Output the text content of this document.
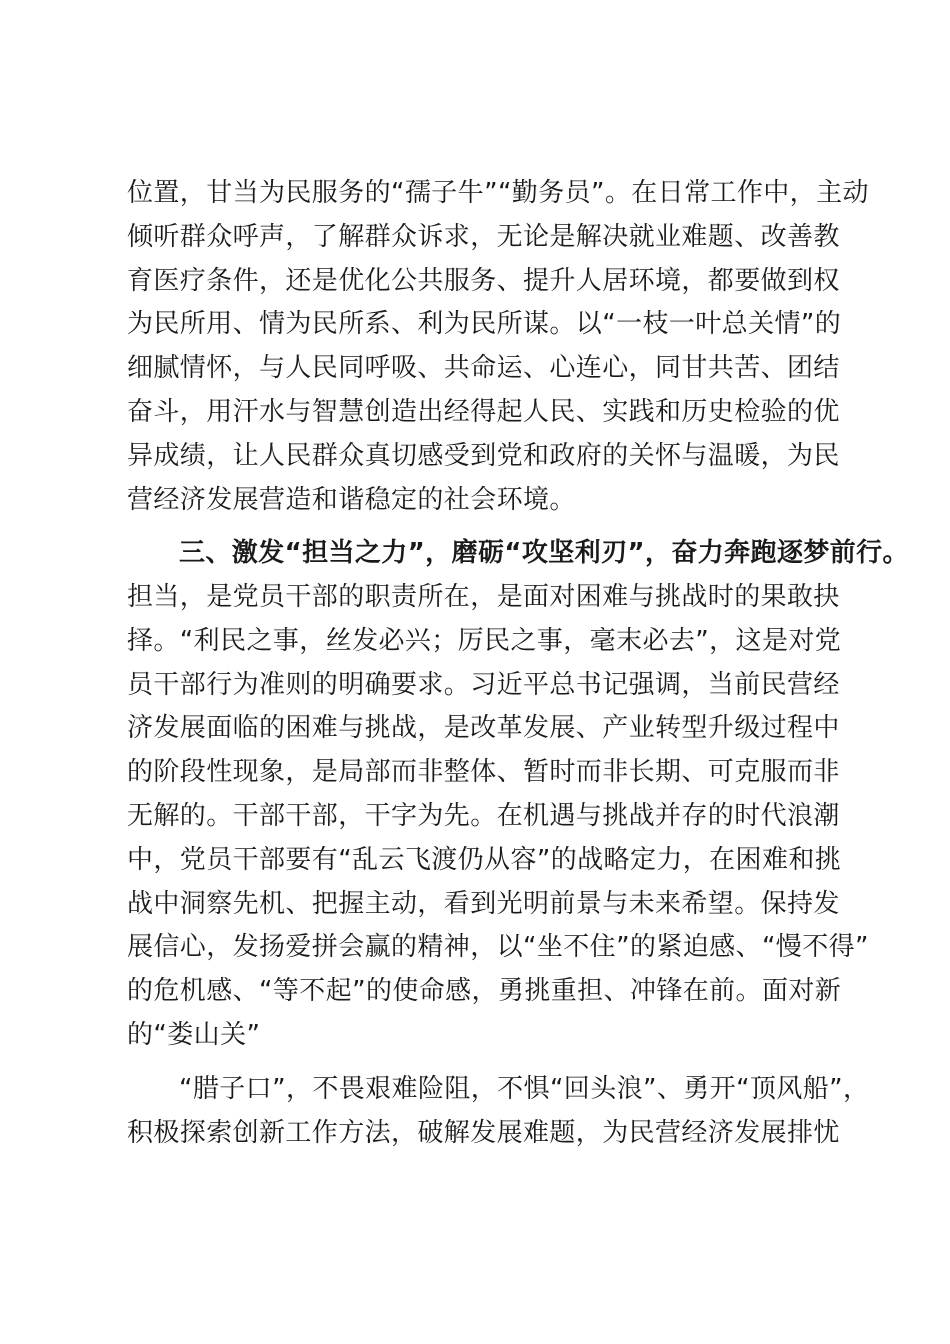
位置，甘当为民服务的“孺子牛”“勤务员”。在日常工作中，主动
倾听群众呼声，了解群众诉求，无论是解决就业难题、改善教
育医疗条件，还是优化公共服务、提升人居环境，都要做到权
为民所用、情为民所系、利为民所谋。以“一枝一叶总关情”的
细腻情怀，与人民同呼吸、共命运、心连心，同甘共苦、团结
奋斗，用汗水与智慧创造出经得起人民、实践和历史检验的优
异成绩，让人民群众真切感受到党和政府的关怀与温暖，为民
营经济发展营造和谐稳定的社会环境。
三、激发“担当之力”，磨砺“攻坚利刃”，奋力奔跑逐梦前行。
担当，是党员干部的职责所在，是面对困难与挑战时的果敢抉
择。“利民之事，丝发必兴；厉民之事，毫末必去”，这是对党
员干部行为准则的明确要求。习近平总书记强调，当前民营经
济发展面临的困难与挑战，是改革发展、产业转型升级过程中
的阶段性现象，是局部而非整体、暂时而非长期、可克服而非
无解的。干部干部，干字为先。在机遇与挑战并存的时代浪潮
中，党员干部要有“乱云飞渡仍从容”的战略定力，在困难和挑
战中洞察先机、把握主动，看到光明前景与未来希望。保持发
展信心，发扬爱拼会赢的精神，以“坐不住”的紧迫感、“慢不得”
的危机感、“等不起”的使命感，勇挑重担、冲锋在前。面对新
的“娄山关”
“腊子口”，不畏艰难险阻，不惧“回头浪”、勇开“顶风船”，
积极探索创新工作方法，破解发展难题，为民营经济发展排忧
